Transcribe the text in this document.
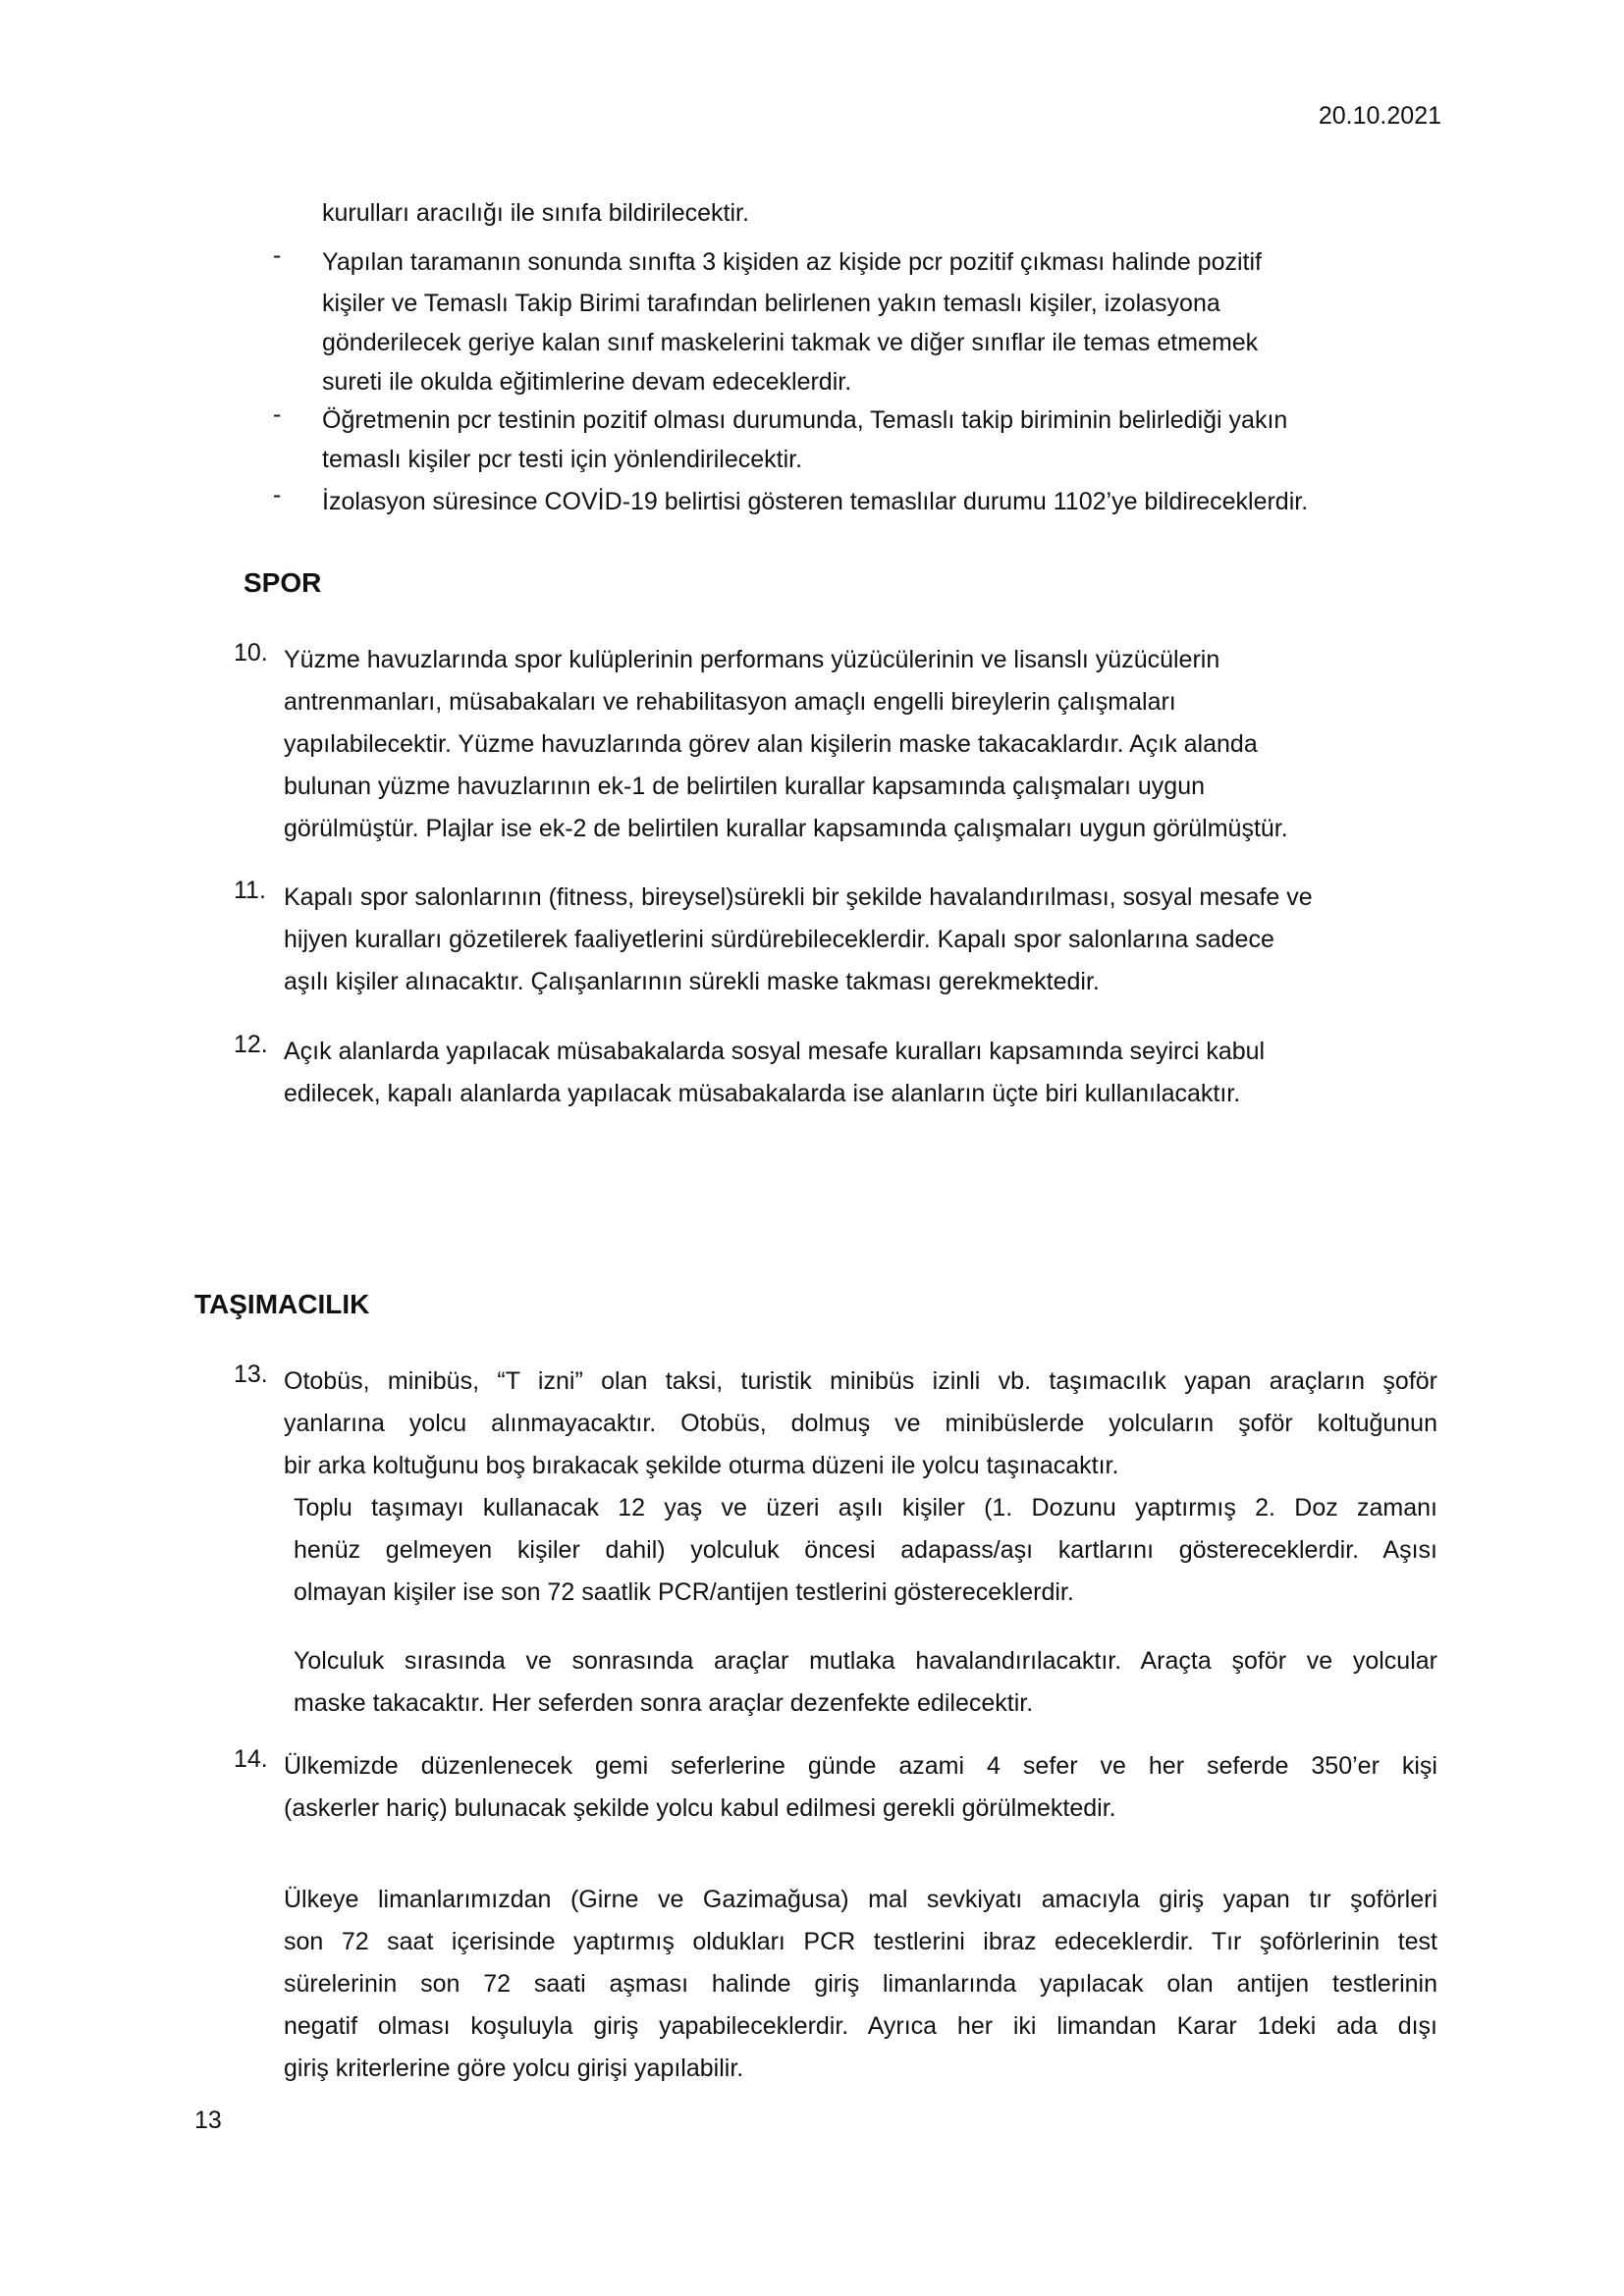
20.10.2021
kurulları aracılığı ile sınıfa bildirilecektir.
- Yapılan taramanın sonunda sınıfta 3 kişiden az kişide pcr pozitif çıkması halinde pozitif
kişiler ve Temaslı Takip Birimi tarafından belirlenen yakın temaslı kişiler, izolasyona
gönderilecek geriye kalan sınıf maskelerini takmak ve diğer sınıflar ile temas etmemek
sureti ile okulda eğitimlerine devam edeceklerdir.
- Öğretmenin pcr testinin pozitif olması durumunda, Temaslı takip biriminin belirlediği yakın
temaslı kişiler pcr testi için yönlendirilecektir.
- İzolasyon süresince COVİD-19 belirtisi gösteren temaslılar durumu 1102’ye bildireceklerdir.
SPOR
10. Yüzme havuzlarında spor kulüplerinin performans yüzücülerinin ve lisanslı yüzücülerin
antrenmanları, müsabakaları ve rehabilitasyon amaçlı engelli bireylerin çalışmaları
yapılabilecektir. Yüzme havuzlarında görev alan kişilerin maske takacaklardır. Açık alanda
bulunan yüzme havuzlarının ek-1 de belirtilen kurallar kapsamında çalışmaları uygun
görülmüştür. Plajlar ise ek-2 de belirtilen kurallar kapsamında çalışmaları uygun görülmüştür.
11. Kapalı spor salonlarının (fitness, bireysel)sürekli bir şekilde havalandırılması, sosyal mesafe ve
hijyen kuralları gözetilerek faaliyetlerini sürdürebileceklerdir. Kapalı spor salonlarına sadece
aşılı kişiler alınacaktır. Çalışanlarının sürekli maske takması gerekmektedir.
12. Açık alanlarda yapılacak müsabakalarda sosyal mesafe kuralları kapsamında seyirci kabul
edilecek, kapalı alanlarda yapılacak müsabakalarda ise alanların üçte biri kullanılacaktır.
TAŞIMACILIK
13. Otobüs, minibüs, “T izni” olan taksi, turistik minibüs izinli vb. taşımacılık yapan araçların şoför
yanlarına yolcu alınmayacaktır. Otobüs, dolmuş ve minibüslerde yolcuların şoför koltuğunun
bir arka koltuğunu boş bırakacak şekilde oturma düzeni ile yolcu taşınacaktır.
Toplu taşımayı kullanacak 12 yaş ve üzeri aşılı kişiler (1. Dozunu yaptırmış 2. Doz zamanı
henüz gelmeyen kişiler dahil) yolculuk öncesi adapass/aşı kartlarını göstereceklerdir. Aşısı
olmayan kişiler ise son 72 saatlik PCR/antijen testlerini göstereceklerdir.
Yolculuk sırasında ve sonrasında araçlar mutlaka havalandırılacaktır. Araçta şoför ve yolcular
maske takacaktır. Her seferden sonra araçlar dezenfekte edilecektir.
14. Ülkemizde düzenlenecek gemi seferlerine günde azami 4 sefer ve her seferde 350’er kişi
(askerler hariç) bulunacak şekilde yolcu kabul edilmesi gerekli görülmektedir.
Ülkeye limanlarımızdan (Girne ve Gazimağusa) mal sevkiyatı amacıyla giriş yapan tır şoförleri
son 72 saat içerisinde yaptırmış oldukları PCR testlerini ibraz edeceklerdir. Tır şoförlerinin test
sürelerinin son 72 saati aşması halinde giriş limanlarında yapılacak olan antijen testlerinin
negatif olması koşuluyla giriş yapabileceklerdir. Ayrıca her iki limandan Karar 1deki ada dışı
giriş kriterlerine göre yolcu girişi yapılabilir.
13
